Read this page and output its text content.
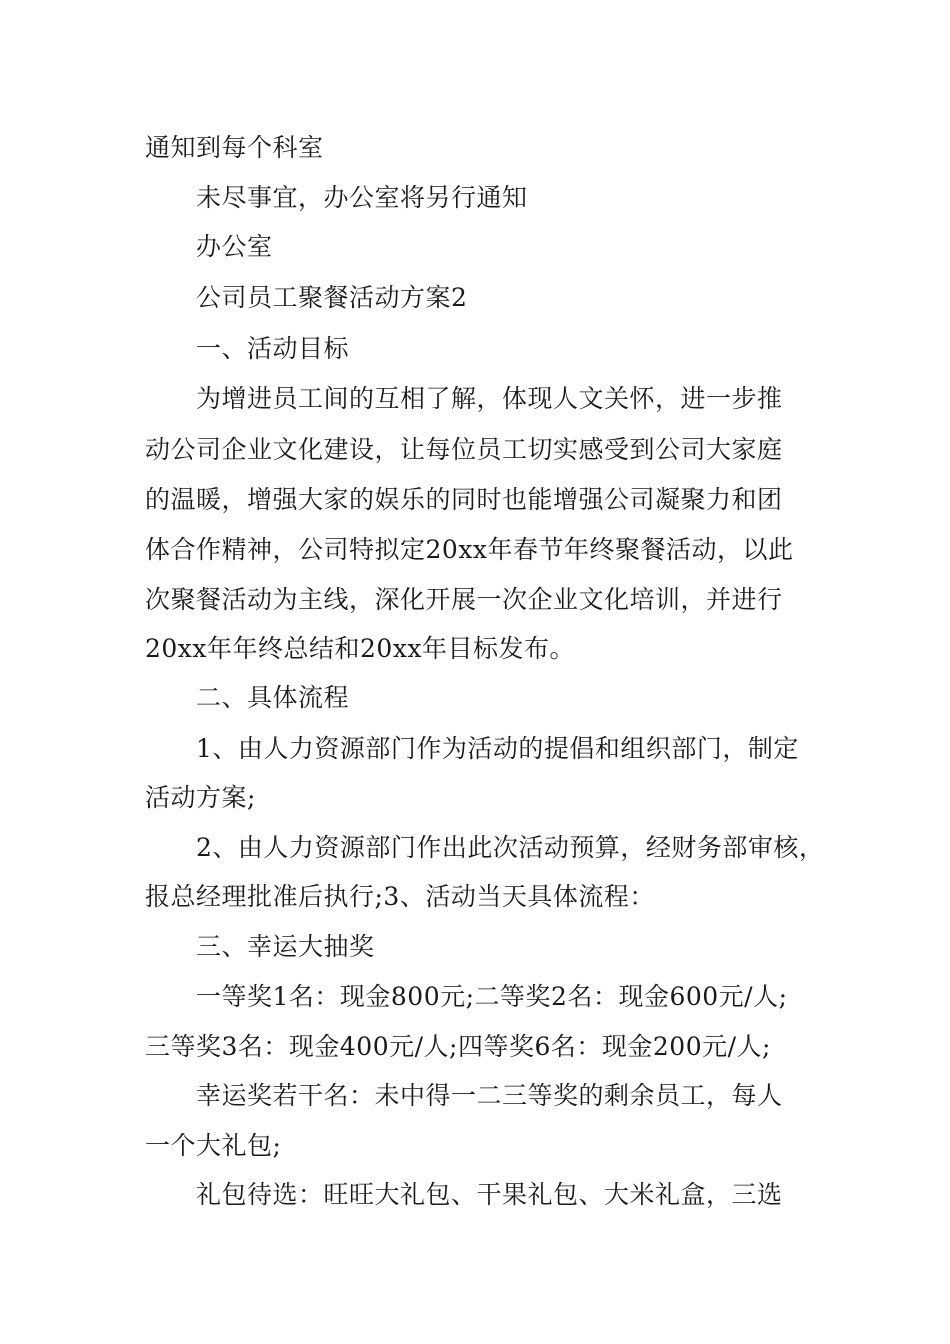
通知到每个科室
未尽事宜，办公室将另行通知
办公室
公司员工聚餐活动方案2
一、活动目标
为增进员工间的互相了解，体现人文关怀，进一步推
动公司企业文化建设，让每位员工切实感受到公司大家庭
的温暖，增强大家的娱乐的同时也能增强公司凝聚力和团
体合作精神，公司特拟定20xx年春节年终聚餐活动，以此
次聚餐活动为主线，深化开展一次企业文化培训，并进行
20xx年年终总结和20xx年目标发布。
二、具体流程
1、由人力资源部门作为活动的提倡和组织部门，制定
活动方案;
2、由人力资源部门作出此次活动预算，经财务部审核，
报总经理批准后执行;3、活动当天具体流程：
三、幸运大抽奖
一等奖1名：现金800元;二等奖2名：现金600元/人;
三等奖3名：现金400元/人;四等奖6名：现金200元/人;
幸运奖若干名：未中得一二三等奖的剩余员工，每人
一个大礼包;
礼包待选：旺旺大礼包、干果礼包、大米礼盒，三选
